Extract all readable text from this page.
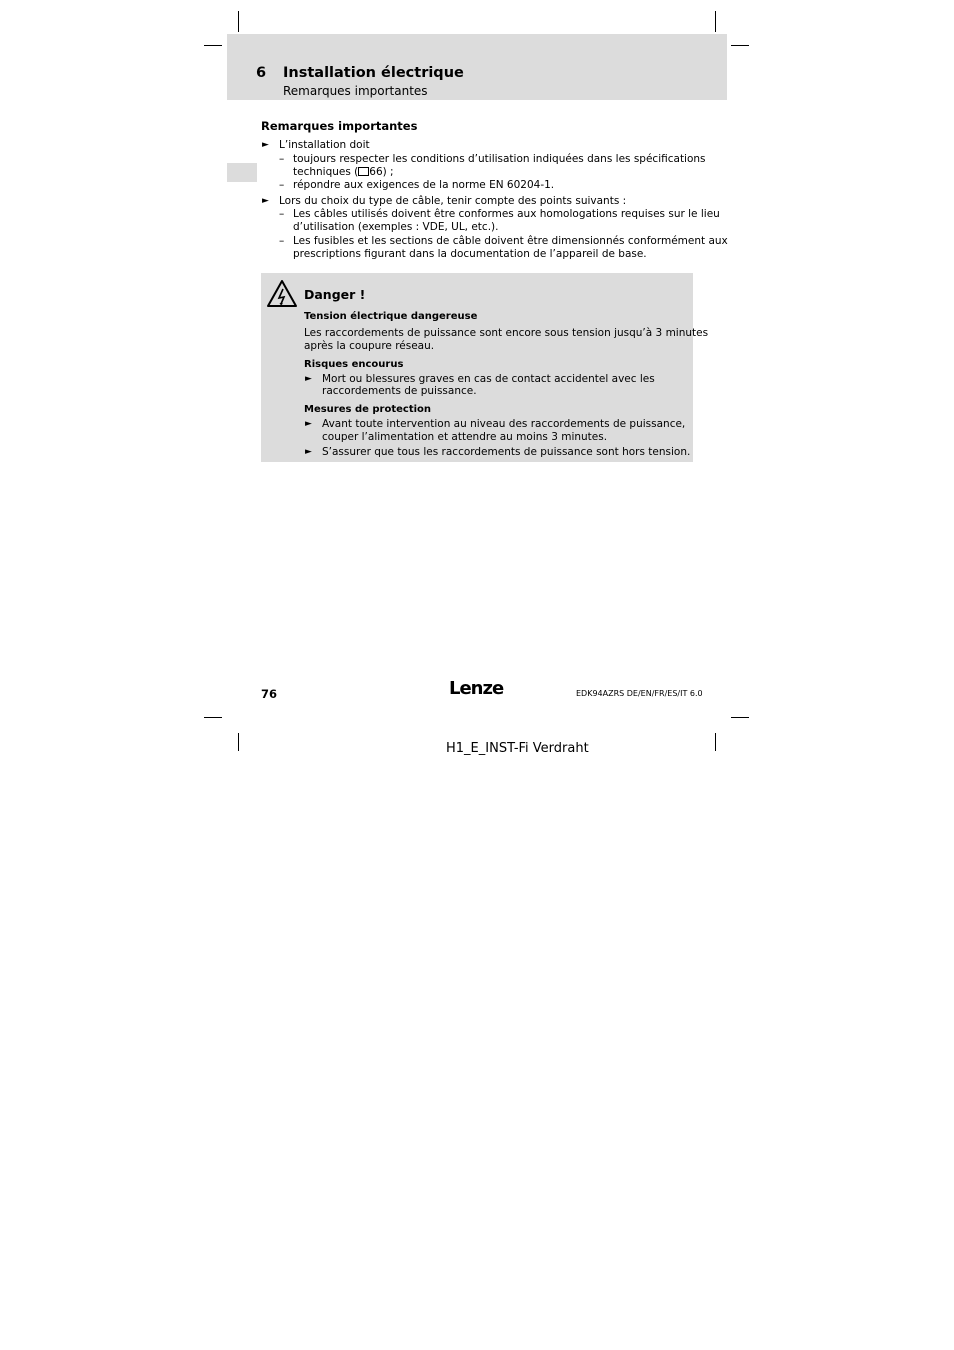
6 Installation électrique
Remarques importantes
Remarques importantes
► L’installation doit
– toujours respecter les conditions d’utilisation indiquées dans les spécifications
techniques ( 66) ;
– répondre aux exigences de la norme EN 60204-1.
► Lors du choix du type de câble, tenir compte des points suivants :
– Les câbles utilisés doivent être conformes aux homologations requises sur le lieu
d’utilisation (exemples : VDE, UL, etc.).
– Les fusibles et les sections de câble doivent être dimensionnés conformément aux
prescriptions figurant dans la documentation de l’appareil de base.
Danger !
Tension électrique dangereuse
Les raccordements de puissance sont encore sous tension jusqu’à 3 minutes
après la coupure réseau.
Risques encourus
► Mort ou blessures graves en cas de contact accidentel avec les
raccordements de puissance.
Mesures de protection
► Avant toute intervention au niveau des raccordements de puissance,
couper l’alimentation et attendre au moins 3 minutes.
► S’assurer que tous les raccordements de puissance sont hors tension.
76	Lenze	EDK94AZRS DE/EN/FR/ES/IT 6.0
H1_E_INST-Fi Verdraht
